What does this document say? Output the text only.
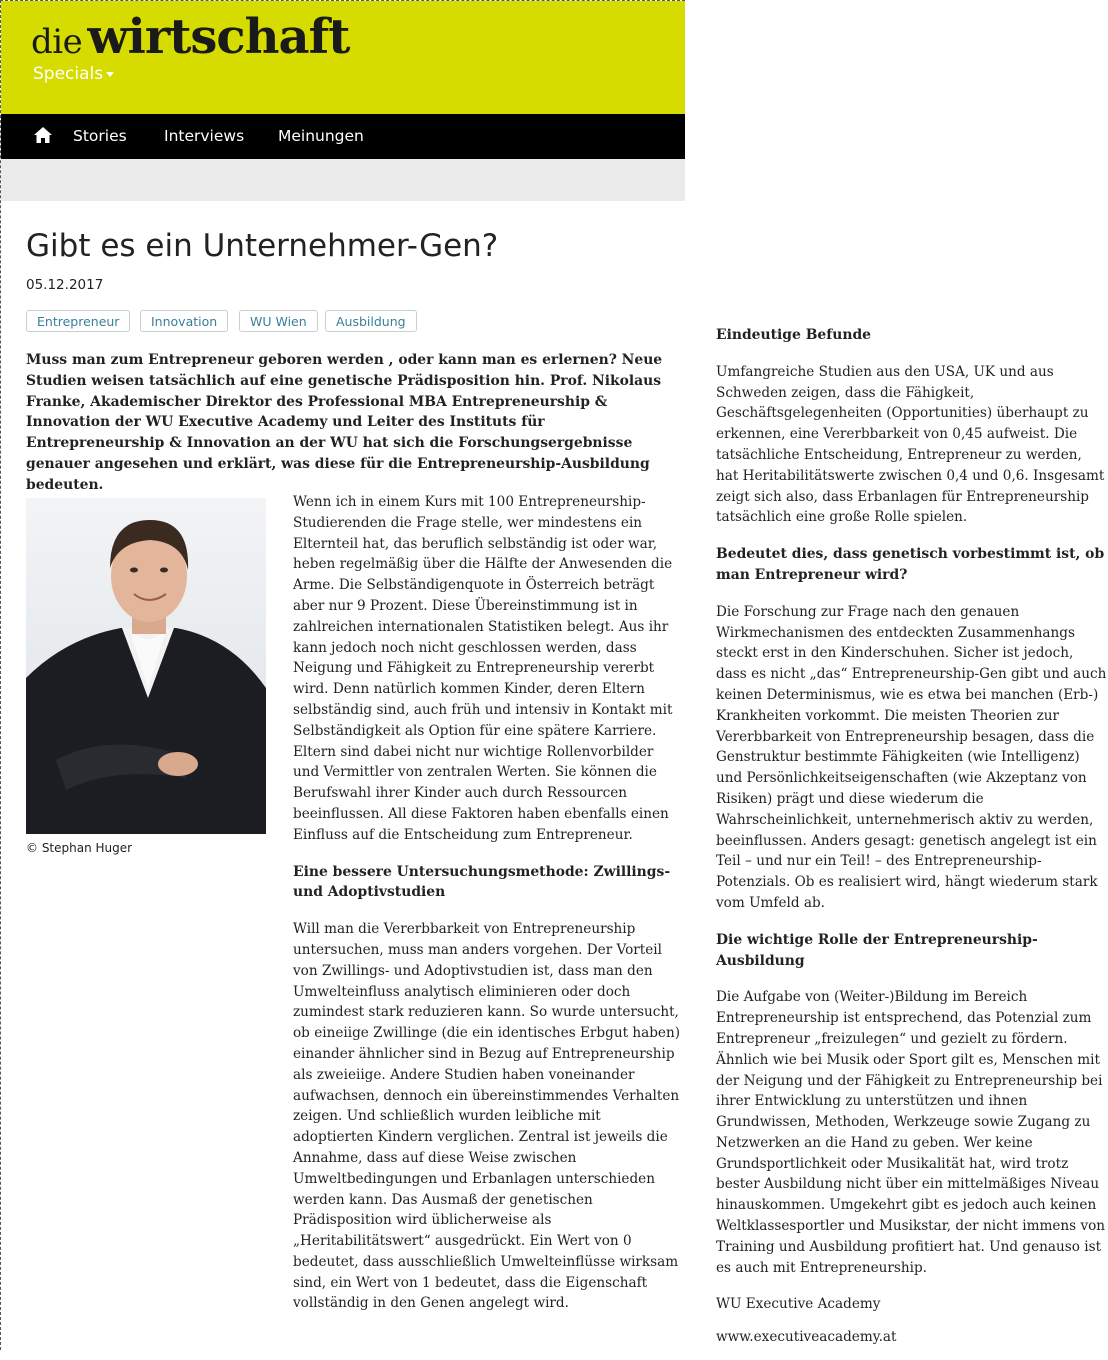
die wirtschaft
Specials
Stories Interviews Meinungen
Gibt es ein Unternehmer-Gen?
05.12.2017
Entrepreneur	Innovation	WU Wien	Ausbildung

Muss man zum Entrepreneur geboren werden , oder kann man es erlernen? Neue Studien weisen tatsächlich auf eine genetische Prädisposition hin. Prof. Nikolaus Franke, Akademischer Direktor des Professional MBA Entrepreneurship & Innovation der WU Executive Academy und Leiter des Instituts für Entrepreneurship & Innovation an der WU hat sich die Forschungsergebnisse genauer angesehen und erklärt, was diese für die Entrepreneurship-Ausbildung bedeuten.

© Stephan Huger

Wenn ich in einem Kurs mit 100 Entrepreneurship-Studierenden die Frage stelle, wer mindestens ein Elternteil hat, das beruflich selbständig ist oder war, heben regelmäßig über die Hälfte der Anwesenden die Arme. Die Selbständigenquote in Österreich beträgt aber nur 9 Prozent. Diese Übereinstimmung ist in zahlreichen internationalen Statistiken belegt. Aus ihr kann jedoch noch nicht geschlossen werden, dass Neigung und Fähigkeit zu Entrepreneurship vererbt wird. Denn natürlich kommen Kinder, deren Eltern selbständig sind, auch früh und intensiv in Kontakt mit Selbständigkeit als Option für eine spätere Karriere. Eltern sind dabei nicht nur wichtige Rollenvorbilder und Vermittler von zentralen Werten. Sie können die Berufswahl ihrer Kinder auch durch Ressourcen beeinflussen. All diese Faktoren haben ebenfalls einen Einfluss auf die Entscheidung zum Entrepreneur.

Eine bessere Untersuchungsmethode: Zwillings- und Adoptivstudien

Will man die Vererbbarkeit von Entrepreneurship untersuchen, muss man anders vorgehen. Der Vorteil von Zwillings- und Adoptivstudien ist, dass man den Umwelteinfluss analytisch eliminieren oder doch zumindest stark reduzieren kann. So wurde untersucht, ob eineiige Zwillinge (die ein identisches Erbgut haben) einander ähnlicher sind in Bezug auf Entrepreneurship als zweieiige. Andere Studien haben voneinander aufwachsen, dennoch ein übereinstimmendes Verhalten zeigen. Und schließlich wurden leibliche mit adoptierten Kindern verglichen. Zentral ist jeweils die Annahme, dass auf diese Weise zwischen Umweltbedingungen und Erbanlagen unterschieden werden kann. Das Ausmaß der genetischen Prädisposition wird üblicherweise als „Heritabilitätswert“ ausgedrückt. Ein Wert von 0 bedeutet, dass ausschließlich Umwelteinflüsse wirksam sind, ein Wert von 1 bedeutet, dass die Eigenschaft vollständig in den Genen angelegt wird.

Eindeutige Befunde

Umfangreiche Studien aus den USA, UK und aus Schweden zeigen, dass die Fähigkeit, Geschäftsgelegenheiten (Opportunities) überhaupt zu erkennen, eine Vererbbarkeit von 0,45 aufweist. Die tatsächliche Entscheidung, Entrepreneur zu werden, hat Heritabilitätswerte zwischen 0,4 und 0,6. Insgesamt zeigt sich also, dass Erbanlagen für Entrepreneurship tatsächlich eine große Rolle spielen.

Bedeutet dies, dass genetisch vorbestimmt ist, ob man Entrepreneur wird?

Die Forschung zur Frage nach den genauen Wirkmechanismen des entdeckten Zusammenhangs steckt erst in den Kinderschuhen. Sicher ist jedoch, dass es nicht „das“ Entrepreneurship-Gen gibt und auch keinen Determinismus, wie es etwa bei manchen (Erb-) Krankheiten vorkommt. Die meisten Theorien zur Vererbbarkeit von Entrepreneurship besagen, dass die Genstruktur bestimmte Fähigkeiten (wie Intelligenz) und Persönlichkeitseigenschaften (wie Akzeptanz von Risiken) prägt und diese wiederum die Wahrscheinlichkeit, unternehmerisch aktiv zu werden, beeinflussen. Anders gesagt: genetisch angelegt ist ein Teil – und nur ein Teil! – des Entrepreneurship-Potenzials. Ob es realisiert wird, hängt wiederum stark vom Umfeld ab.

Die wichtige Rolle der Entrepreneurship-Ausbildung

Die Aufgabe von (Weiter-)Bildung im Bereich Entrepreneurship ist entsprechend, das Potenzial zum Entrepreneur „freizulegen“ und gezielt zu fördern. Ähnlich wie bei Musik oder Sport gilt es, Menschen mit der Neigung und der Fähigkeit zu Entrepreneurship bei ihrer Entwicklung zu unterstützen und ihnen Grundwissen, Methoden, Werkzeuge sowie Zugang zu Netzwerken an die Hand zu geben. Wer keine Grundsportlichkeit oder Musikalität hat, wird trotz bester Ausbildung nicht über ein mittelmäßiges Niveau hinauskommen. Umgekehrt gibt es jedoch auch keinen Weltklassesportler und Musikstar, der nicht immens von Training und Ausbildung profitiert hat. Und genauso ist es auch mit Entrepreneurship.

WU Executive Academy

www.executiveacademy.at
